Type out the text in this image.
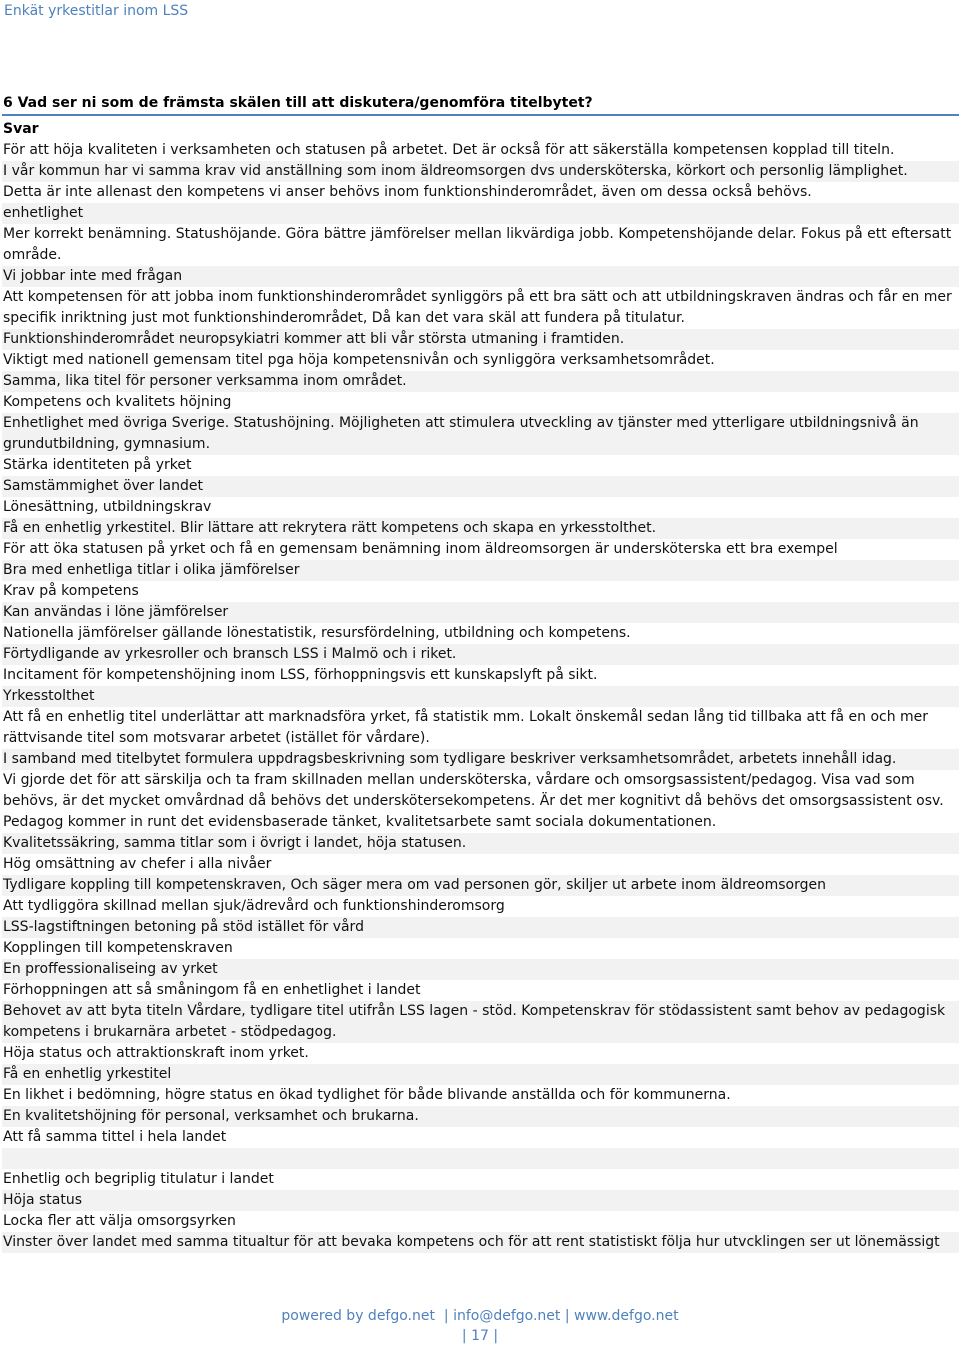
Enkät yrkestitlar inom LSS
6 Vad ser ni som de främsta skälen till att diskutera/genomföra titelbytet?
Svar
För att höja kvaliteten i verksamheten och statusen på arbetet. Det är också för att säkerställa kompetensen kopplad till titeln.
I vår kommun har vi samma krav vid anställning som inom äldreomsorgen dvs undersköterska, körkort och personlig lämplighet.
Detta är inte allenast den kompetens vi anser behövs inom funktionshinderområdet, även om dessa också behövs.
enhetlighet
Mer korrekt benämning. Statushöjande. Göra bättre jämförelser mellan likvärdiga jobb. Kompetenshöjande delar. Fokus på ett eftersatt område.
Vi jobbar inte med frågan
Att kompetensen för att jobba inom funktionshinderområdet synliggörs på ett bra sätt och att utbildningskraven ändras och får en mer specifik inriktning just mot funktionshinderområdet, Då kan det vara skäl att fundera på titulatur.
Funktionshinderområdet neuropsykiatri kommer att bli vår största utmaning i framtiden.
Viktigt med nationell gemensam titel pga höja kompetensnivån och synliggöra verksamhetsområdet.
Samma, lika titel för personer verksamma inom området.
Kompetens och kvalitets höjning
Enhetlighet med övriga Sverige. Statushöjning. Möjligheten att stimulera utveckling av tjänster med ytterligare utbildningsnivå än grundutbildning, gymnasium.
Stärka identiteten på yrket
Samstämmighet över landet
Lönesättning, utbildningskrav
Få en enhetlig yrkestitel. Blir lättare att rekrytera rätt kompetens och skapa en yrkesstolthet.
För att öka statusen på yrket och få en gemensam benämning inom äldreomsorgen är undersköterska ett bra exempel
Bra med enhetliga titlar i olika jämförelser
Krav på kompetens
Kan användas i löne jämförelser
Nationella jämförelser gällande lönestatistik, resursfördelning, utbildning och kompetens.
Förtydligande av yrkesroller och bransch LSS i Malmö och i riket.
Incitament för kompetenshöjning inom LSS, förhoppningsvis ett kunskapslyft på sikt.
Yrkesstolthet
Att få en enhetlig titel underlättar att marknadsföra yrket, få statistik mm. Lokalt önskemål sedan lång tid tillbaka att få en och mer rättvisande titel som motsvarar arbetet (istället för vårdare).
I samband med titelbytet formulera uppdragsbeskrivning som tydligare beskriver verksamhetsområdet, arbetets innehåll idag.
Vi gjorde det för att särskilja och ta fram skillnaden mellan undersköterska, vårdare och omsorgsassistent/pedagog. Visa vad som behövs, är det mycket omvårdnad då behövs det underskötersekompetens. Är det mer kognitivt då behövs det omsorgsassistent osv. Pedagog kommer in runt det evidensbaserade tänket, kvalitetsarbete samt sociala dokumentationen.
Kvalitetssäkring, samma titlar som i övrigt i landet, höja statusen.
Hög omsättning av chefer i alla nivåer
Tydligare koppling till kompetenskraven, Och säger mera om vad personen gör, skiljer ut arbete inom äldreomsorgen
Att tydliggöra skillnad mellan sjuk/ädrevård och funktionshinderomsorg
LSS-lagstiftningen betoning på stöd istället för vård
Kopplingen till kompetenskraven
En proffessionaliseing av yrket
Förhoppningen att så småningom få en enhetlighet i landet
Behovet av att byta titeln Vårdare, tydligare titel utifrån LSS lagen - stöd. Kompetenskrav för stödassistent samt behov av pedagogisk kompetens i brukarnära arbetet - stödpedagog.
Höja status och attraktionskraft inom yrket.
Få en enhetlig yrkestitel
En likhet i bedömning, högre status en ökad tydlighet för både blivande anställda och för kommunerna.
En kvalitetshöjning för personal, verksamhet och brukarna.
Att få samma tittel i hela landet
Enhetlig och begriplig titulatur i landet
Höja status
Locka fler att välja omsorgsyrken
Vinster över landet med samma titualtur för att bevaka kompetens och för att rent statistiskt följa hur utvcklingen ser ut lönemässigt
powered by defgo.net  | info@defgo.net | www.defgo.net
| 17 |
